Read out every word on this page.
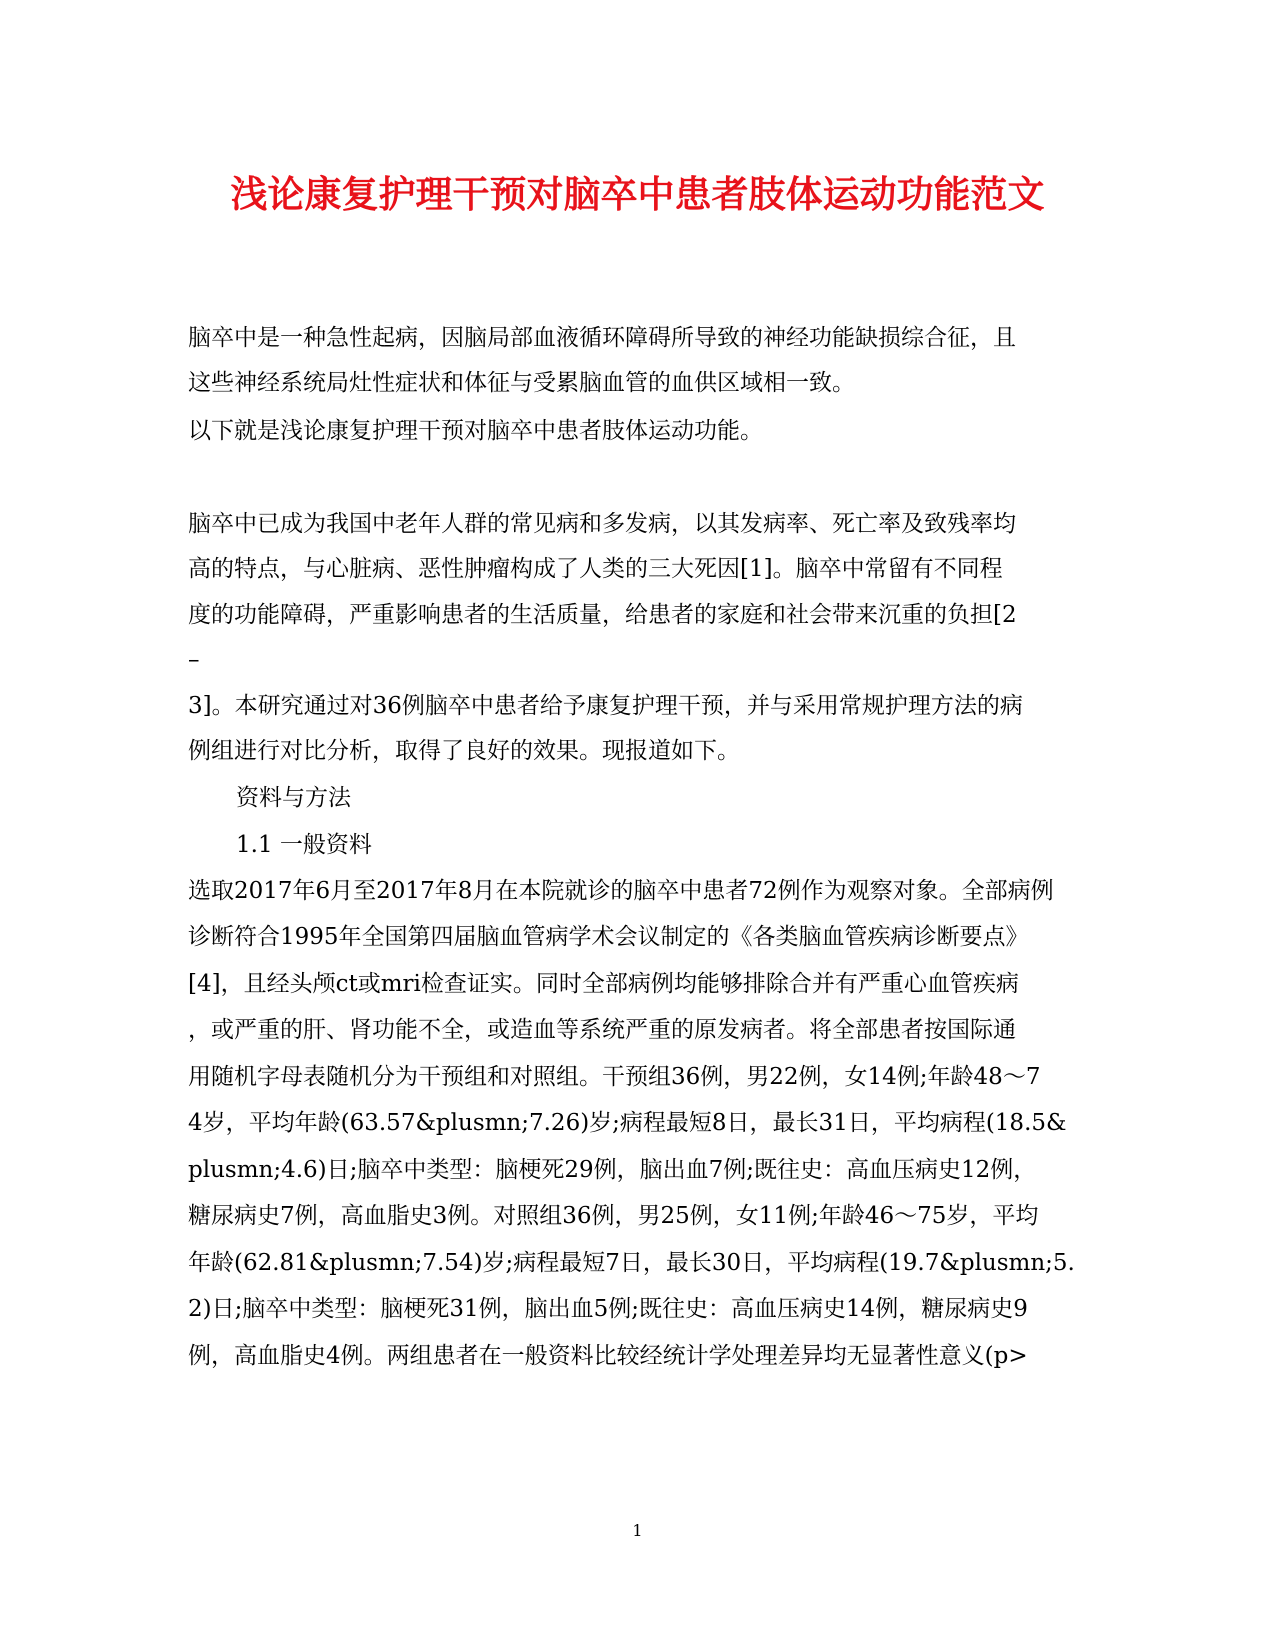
浅论康复护理干预对脑卒中患者肢体运动功能范文
脑卒中是一种急性起病，因脑局部血液循环障碍所导致的神经功能缺损综合征，且
这些神经系统局灶性症状和体征与受累脑血管的血供区域相一致。
以下就是浅论康复护理干预对脑卒中患者肢体运动功能。
脑卒中已成为我国中老年人群的常见病和多发病，以其发病率、死亡率及致残率均
高的特点，与心脏病、恶性肿瘤构成了人类的三大死因[1]。脑卒中常留有不同程
度的功能障碍，严重影响患者的生活质量，给患者的家庭和社会带来沉重的负担[2
–
3]。本研究通过对36例脑卒中患者给予康复护理干预，并与采用常规护理方法的病
例组进行对比分析，取得了良好的效果。现报道如下。
资料与方法
1.1 一般资料
选取2017年6月至2017年8月在本院就诊的脑卒中患者72例作为观察对象。全部病例
诊断符合1995年全国第四届脑血管病学术会议制定的《各类脑血管疾病诊断要点》
[4]，且经头颅ct或mri检查证实。同时全部病例均能够排除合并有严重心血管疾病
，或严重的肝、肾功能不全，或造血等系统严重的原发病者。将全部患者按国际通
用随机字母表随机分为干预组和对照组。干预组36例，男22例，女14例;年龄48～7
4岁，平均年龄(63.57&plusmn;7.26)岁;病程最短8日，最长31日，平均病程(18.5&
plusmn;4.6)日;脑卒中类型：脑梗死29例，脑出血7例;既往史：高血压病史12例，
糖尿病史7例，高血脂史3例。对照组36例，男25例，女11例;年龄46～75岁，平均
年龄(62.81&plusmn;7.54)岁;病程最短7日，最长30日，平均病程(19.7&plusmn;5.
2)日;脑卒中类型：脑梗死31例，脑出血5例;既往史：高血压病史14例，糖尿病史9
例，高血脂史4例。两组患者在一般资料比较经统计学处理差异均无显著性意义(p>
1
